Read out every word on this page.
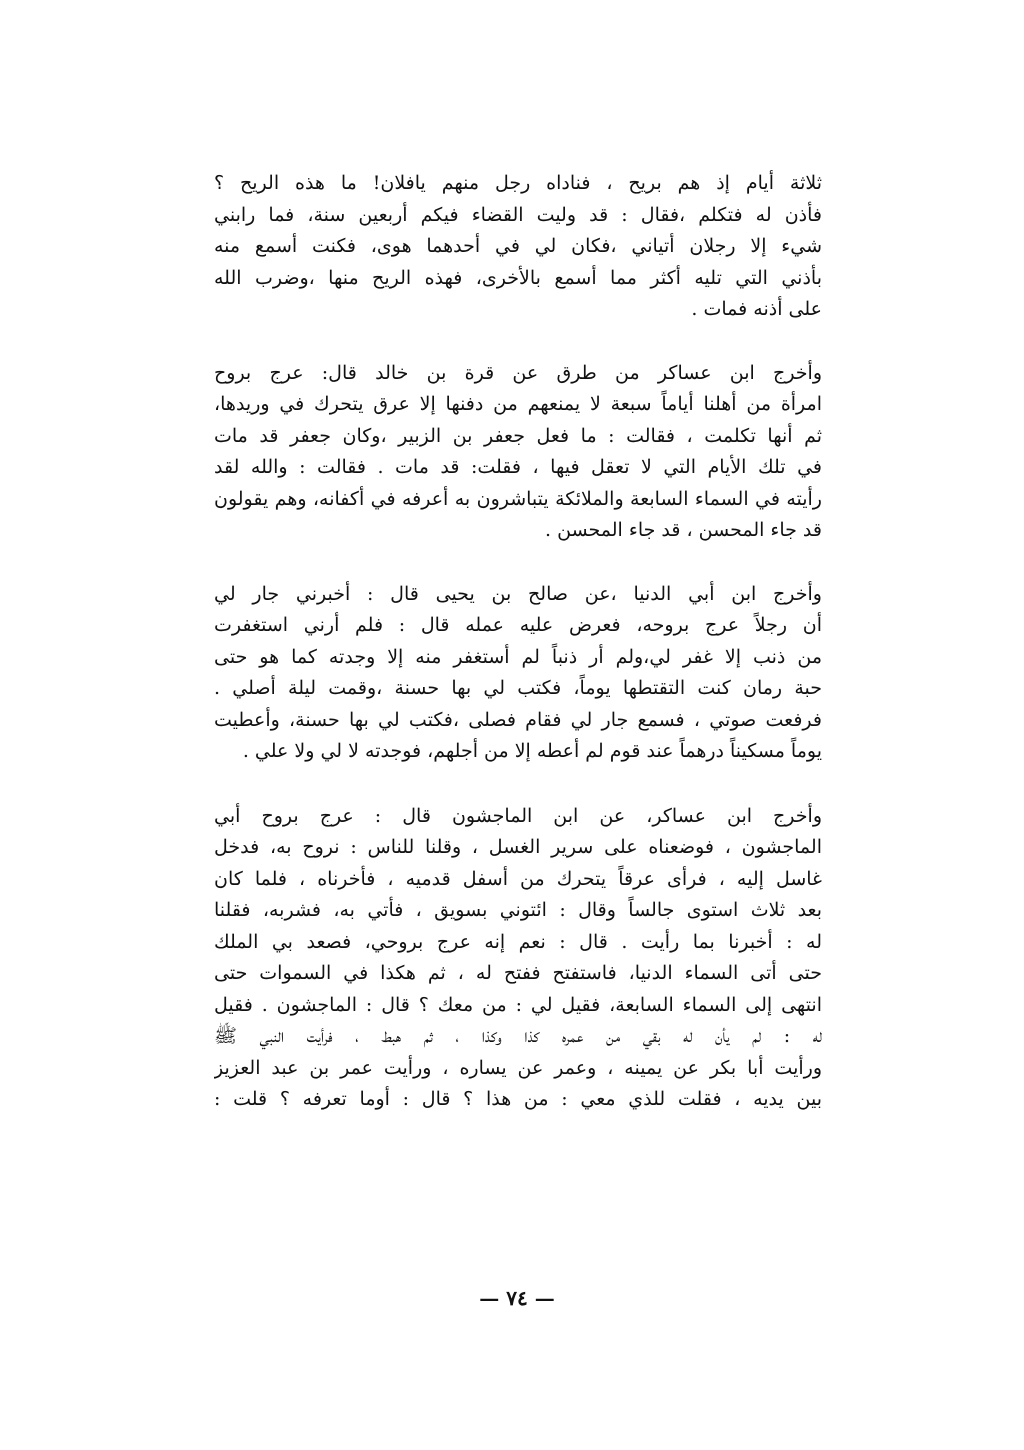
ثلاثة أيام إذ هم بريح ، فناداه رجل منهم يافلان! ما هذه الريح ؟
فأذن له فتكلم ،فقال : قد وليت القضاء فيكم أربعين سنة، فما رابني
شيء إلا رجلان أتياني ،فكان لي في أحدهما هوى، فكنت أسمع منه
بأذني التي تليه أكثر مما أسمع بالأخرى، فهذه الريح منها ،وضرب الله
على أذنه فمات .
وأخرج ابن عساكر من طرق عن قرة بن خالد قال: عرج بروح
امرأة من أهلنا أياماً سبعة لا يمنعهم من دفنها إلا عرق يتحرك في وريدها،
ثم أنها تكلمت ، فقالت : ما فعل جعفر بن الزبير ،وكان جعفر قد مات
في تلك الأيام التي لا تعقل فيها ، فقلت: قد مات . فقالت : والله لقد
رأيته في السماء السابعة والملائكة يتباشرون به أعرفه في أكفانه، وهم يقولون
قد جاء المحسن ، قد جاء المحسن .
وأخرج ابن أبي الدنيا ،عن صالح بن يحيى قال : أخبرني جار لي
أن رجلاً عرج بروحه، فعرض عليه عمله قال : فلم أرني استغفرت
من ذنب إلا غفر لي،ولم أر ذنباً لم أستغفر منه إلا وجدته كما هو حتى
حبة رمان كنت التقتطها يوماً، فكتب لي بها حسنة ،وقمت ليلة أصلي .
فرفعت صوتي ، فسمع جار لي فقام فصلى ،فكتب لي بها حسنة، وأعطيت
يوماً مسكيناً درهماً عند قوم لم أعطه إلا من أجلهم، فوجدته لا لي ولا علي .
وأخرج ابن عساكر، عن ابن الماجشون قال : عرج بروح أبي
الماجشون ، فوضعناه على سرير الغسل ، وقلنا للناس : نروح به، فدخل
غاسل إليه ، فرأى عرقاً يتحرك من أسفل قدميه ، فأخرناه ، فلما كان
بعد ثلاث استوى جالساً وقال : ائتوني بسويق ، فأتي به، فشربه، فقلنا
له : أخبرنا بما رأيت . قال : نعم إنه عرج بروحي، فصعد بي الملك
حتى أتى السماء الدنيا، فاستفتح ففتح له ، ثم هكذا في السموات حتى
انتهى إلى السماء السابعة، فقيل لي : من معك ؟ قال : الماجشون . فقيل
له : لم يأن له بقي من عمره كذا وكذا ، ثم هبط ، فرأيت النبي ﷺ
ورأيت أبا بكر عن يمينه ، وعمر عن يساره ، ورأيت عمر بن عبد العزيز
بين يديه ، فقلت للذي معي : من هذا ؟ قال : أوما تعرفه ؟ قلت :
— ٧٤ —
